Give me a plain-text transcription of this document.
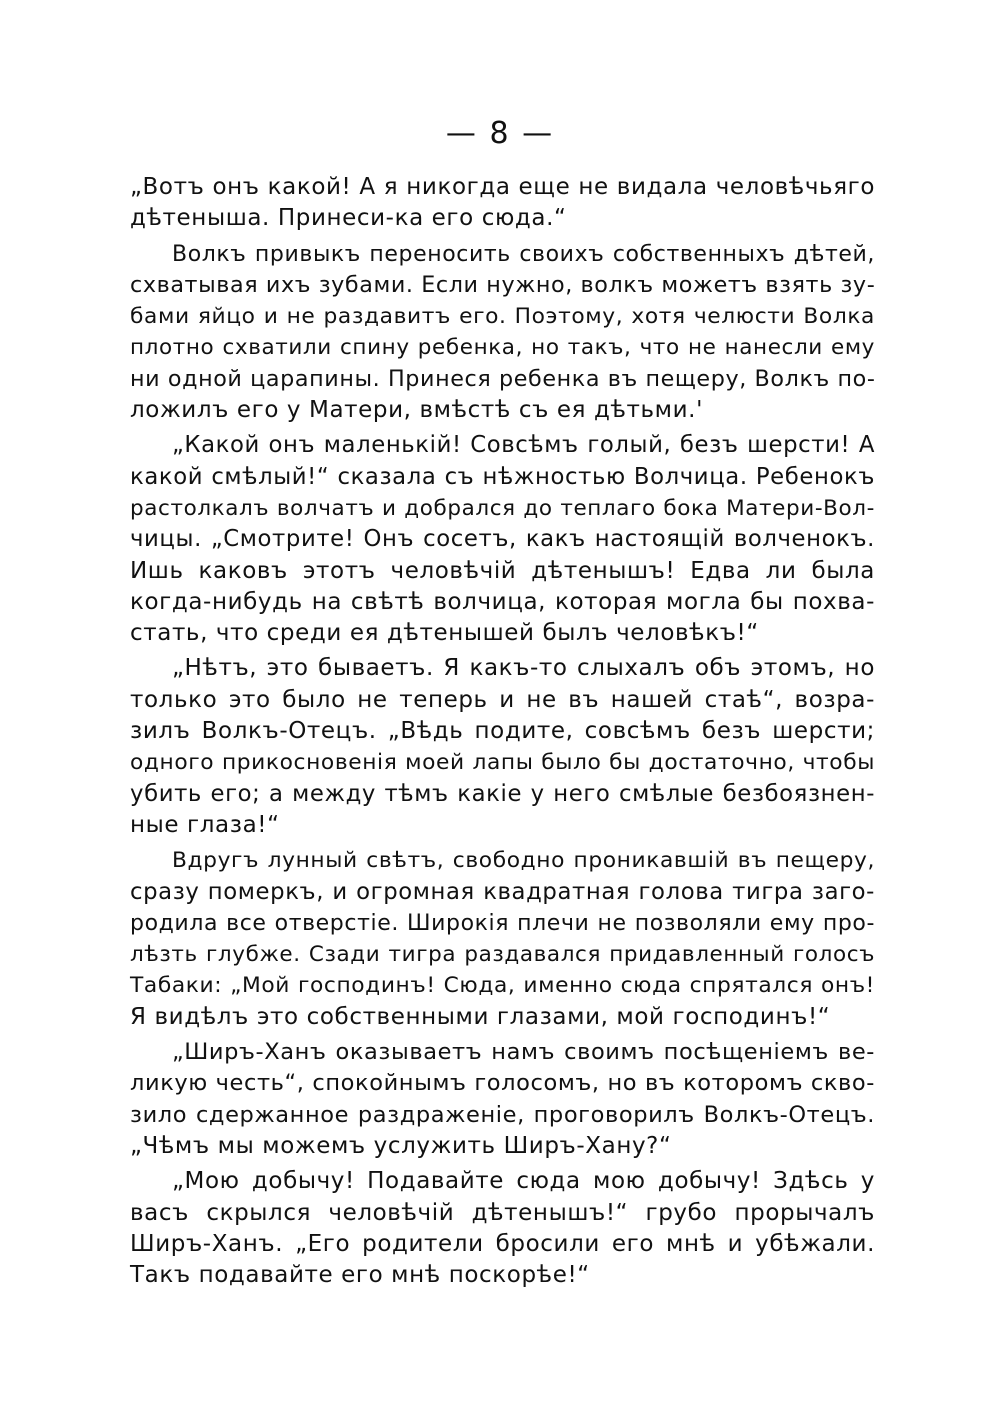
— 8 —
„Вотъ онъ какой! А я никогда еще не видала человѣчьяго
дѣтеныша. Принеси-ка его сюда.“
Волкъ привыкъ переносить своихъ собственныхъ дѣтей,
схватывая ихъ зубами. Если нужно, волкъ можетъ взять зу-
бами яйцо и не раздавитъ его. Поэтому, хотя челюсти Волка
плотно схватили спину ребенка, но такъ, что не нанесли ему
ни одной царапины. Принеся ребенка въ пещеру, Волкъ по-
ложилъ его у Матери, вмѣстѣ съ ея дѣтьми.'
„Какой онъ маленькій! Совсѣмъ голый, безъ шерсти! А
какой смѣлый!“ сказала съ нѣжностью Волчица. Ребенокъ
растолкалъ волчатъ и добрался до теплаго бока Матери-Вол-
чицы. „Смотрите! Онъ сосетъ, какъ настоящій волченокъ.
Ишь каковъ этотъ человѣчій дѣтенышъ! Едва ли была
когда-нибудь на свѣтѣ волчица, которая могла бы похва-
стать, что среди ея дѣтенышей былъ человѣкъ!“
„Нѣтъ, это бываетъ. Я какъ-то слыхалъ объ этомъ, но
только это было не теперь и не въ нашей стаѣ“, возра-
зилъ Волкъ-Отецъ. „Вѣдь подите, совсѣмъ безъ шерсти;
одного прикосновенія моей лапы было бы достаточно, чтобы
убить его; а между тѣмъ какіе у него смѣлые безбоязнен-
ные глаза!“
Вдругъ лунный свѣтъ, свободно проникавшій въ пещеру,
сразу померкъ, и огромная квадратная голова тигра заго-
родила все отверстіе. Широкія плечи не позволяли ему про-
лѣзть глубже. Сзади тигра раздавался придавленный голосъ
Табаки: „Мой господинъ! Сюда, именно сюда спрятался онъ!
Я видѣлъ это собственными глазами, мой господинъ!“
„Ширъ-Ханъ оказываетъ намъ своимъ посѣщеніемъ ве-
ликую честь“, спокойнымъ голосомъ, но въ которомъ скво-
зило сдержанное раздраженіе, проговорилъ Волкъ-Отецъ.
„Чѣмъ мы можемъ услужить Ширъ-Хану?“
„Мою добычу! Подавайте сюда мою добычу! Здѣсь у
васъ скрылся человѣчій дѣтенышъ!“ грубо прорычалъ
Ширъ-Ханъ. „Его родители бросили его мнѣ и убѣжали.
Такъ подавайте его мнѣ поскорѣе!“
